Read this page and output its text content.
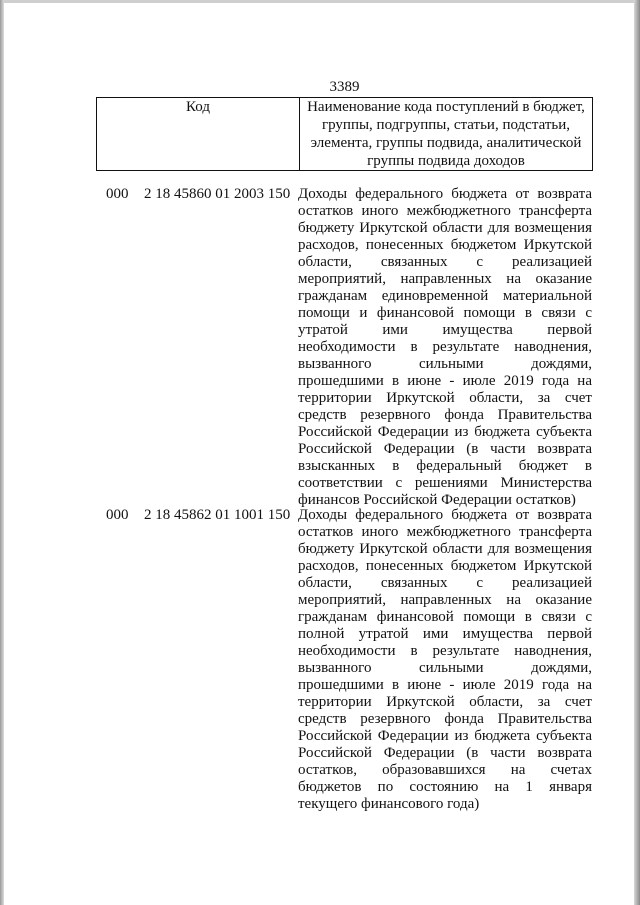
3389
Код	Наименование кода поступлений в бюджет, группы, подгруппы, статьи, подстатьи, элемента, группы подвида, аналитической группы подвида доходов
000 2 18 45860 01 2003 150 Доходы федерального бюджета от возврата остатков иного межбюджетного трансферта бюджету Иркутской области для возмещения расходов, понесенных бюджетом Иркутской области, связанных с реализацией мероприятий, направленных на оказание гражданам единовременной материальной помощи и финансовой помощи в связи с утратой ими имущества первой необходимости в результате наводнения, вызванного сильными дождями, прошедшими в июне - июле 2019 года на территории Иркутской области, за счет средств резервного фонда Правительства Российской Федерации из бюджета субъекта Российской Федерации (в части возврата взысканных в федеральный бюджет в соответствии с решениями Министерства финансов Российской Федерации остатков)
000 2 18 45862 01 1001 150 Доходы федерального бюджета от возврата остатков иного межбюджетного трансферта бюджету Иркутской области для возмещения расходов, понесенных бюджетом Иркутской области, связанных с реализацией мероприятий, направленных на оказание гражданам финансовой помощи в связи с полной утратой ими имущества первой необходимости в результате наводнения, вызванного сильными дождями, прошедшими в июне - июле 2019 года на территории Иркутской области, за счет средств резервного фонда Правительства Российской Федерации из бюджета субъекта Российской Федерации (в части возврата остатков, образовавшихся на счетах бюджетов по состоянию на 1 января текущего финансового года)
